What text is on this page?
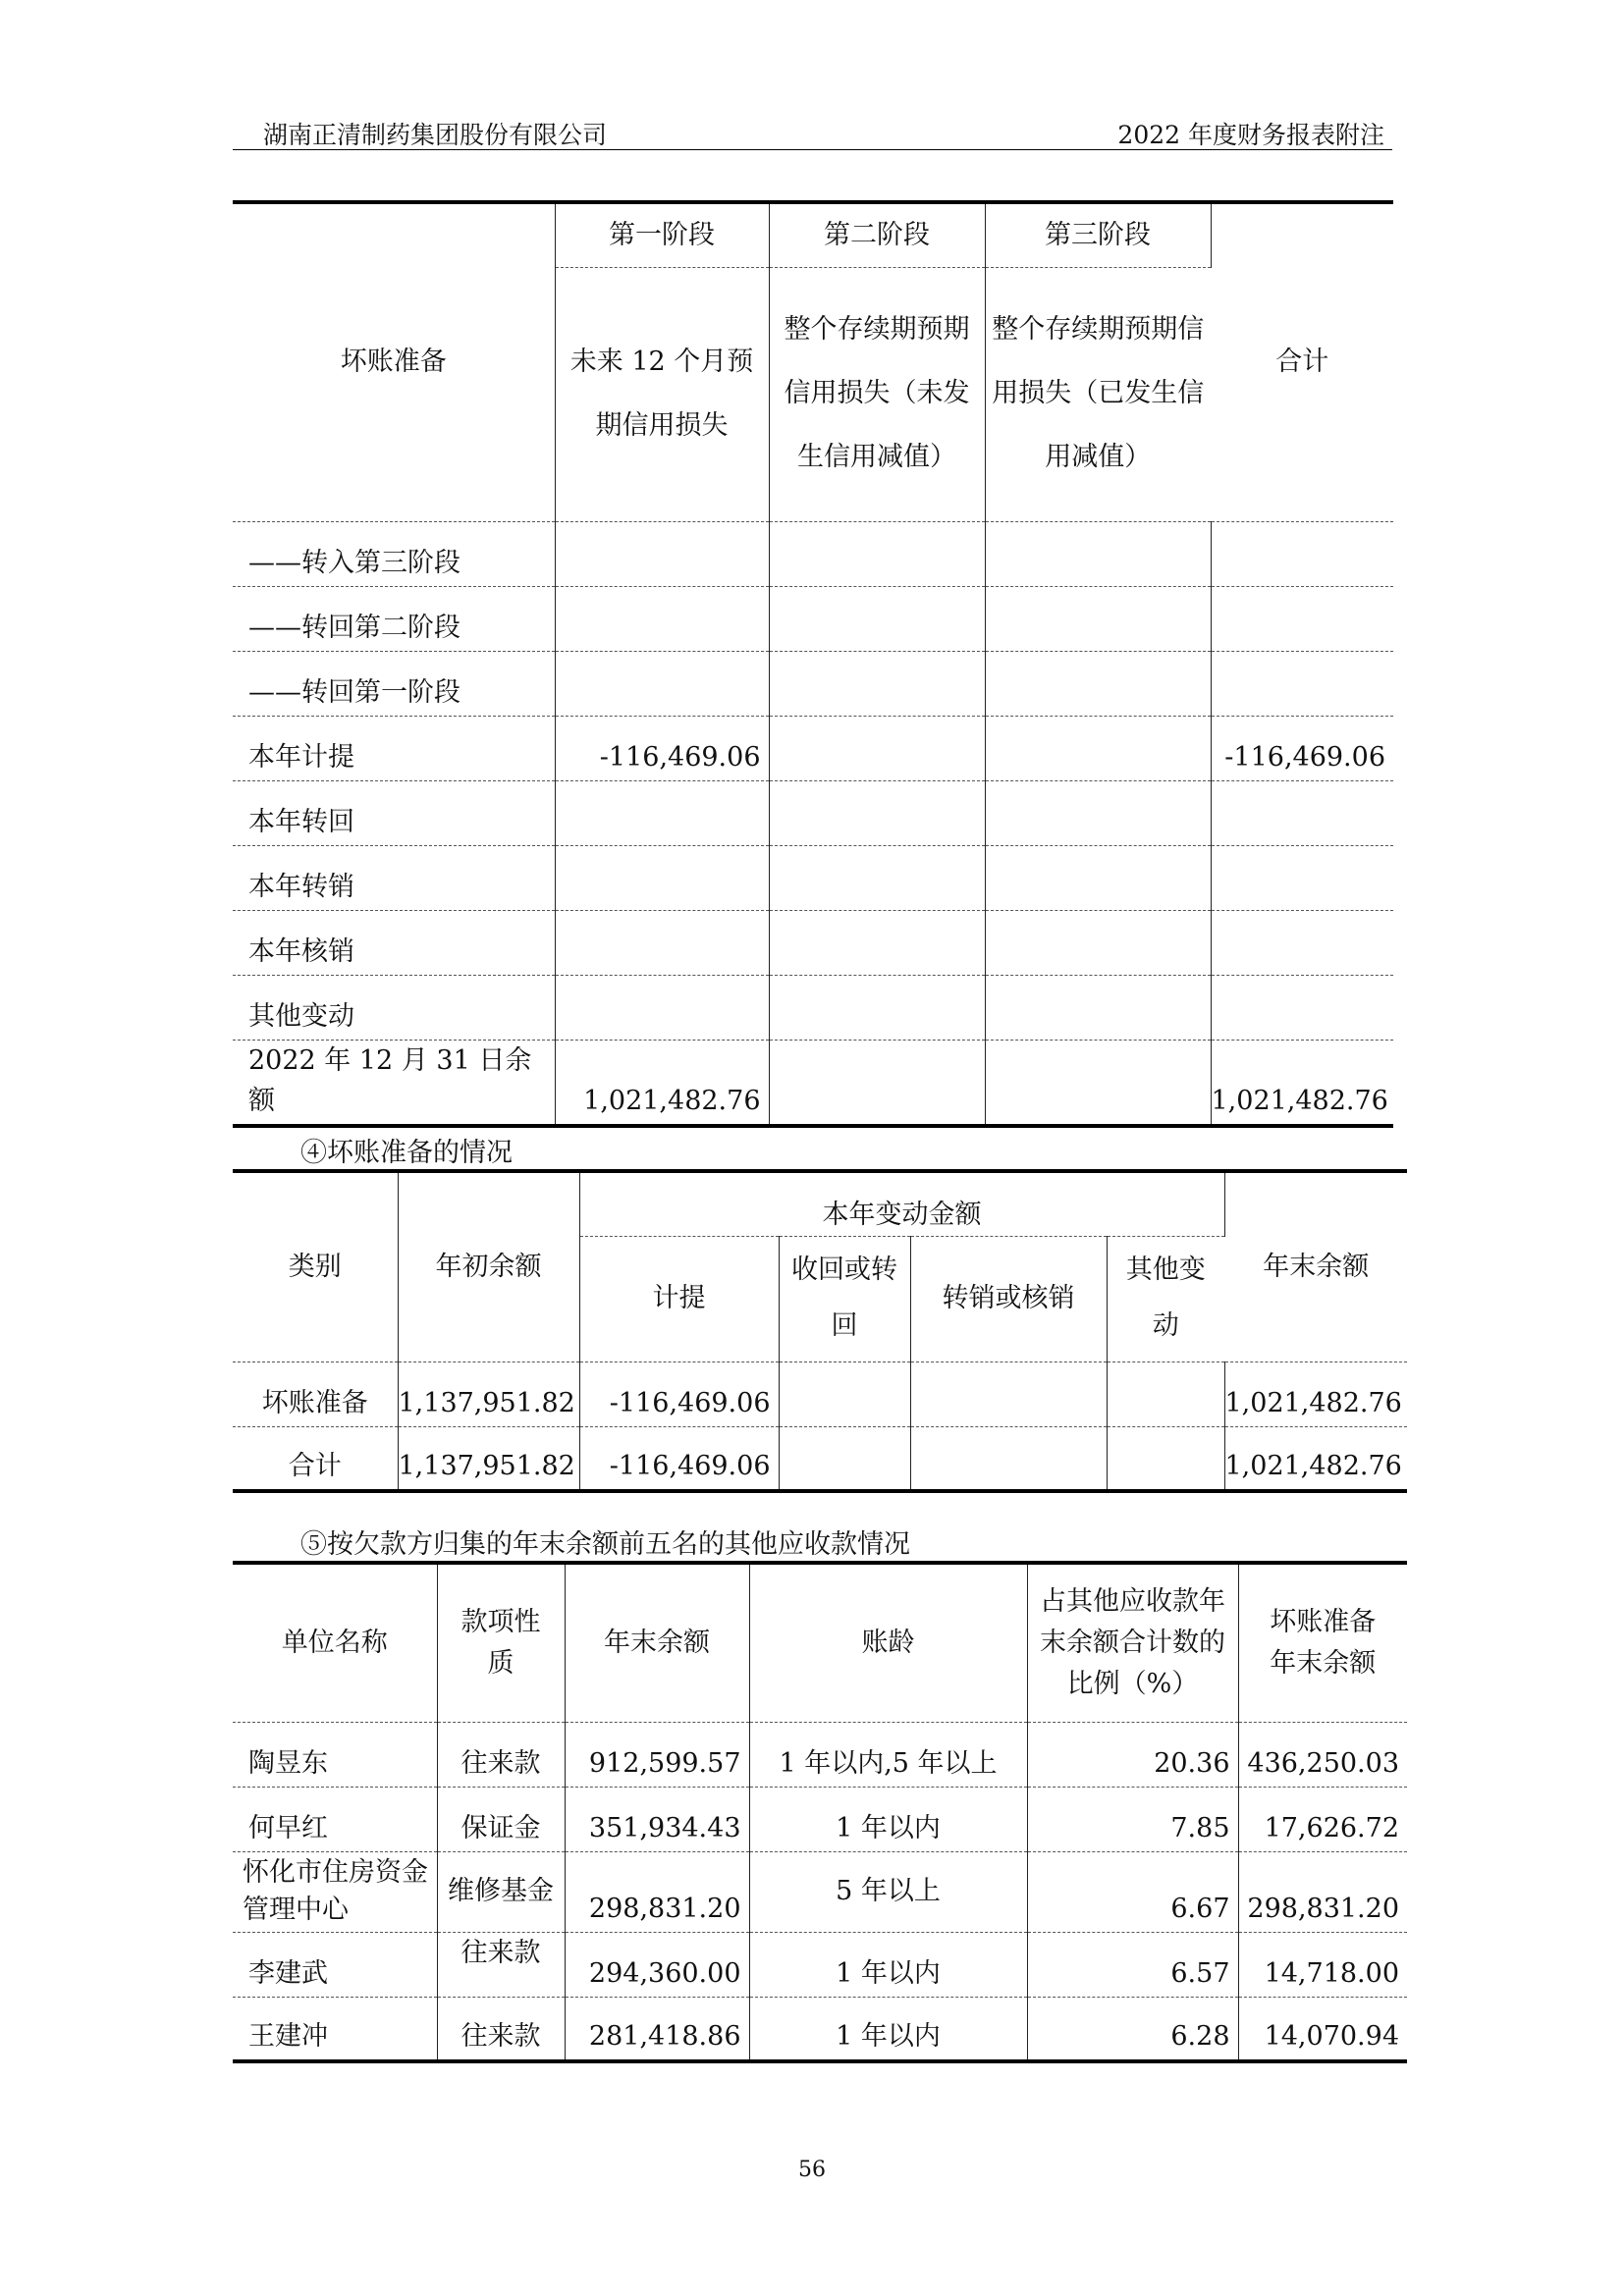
湖南正清制药集团股份有限公司	2022 年度财务报表附注
坏账准备	第一阶段	第二阶段	第三阶段	合计
	未来 12 个月预期信用损失	整个存续期预期信用损失（未发生信用减值）	整个存续期预期信用损失（已发生信用减值）	
——转入第三阶段				
——转回第二阶段				
——转回第一阶段				
本年计提	-116,469.06			-116,469.06
本年转回				
本年转销				
本年核销				
其他变动				
2022 年 12 月 31 日余额	1,021,482.76			1,021,482.76
④坏账准备的情况
类别	年初余额	本年变动金额				年末余额
		计提	收回或转回	转销或核销	其他变动	
坏账准备	1,137,951.82	-116,469.06				1,021,482.76
合计	1,137,951.82	-116,469.06				1,021,482.76
⑤按欠款方归集的年末余额前五名的其他应收款情况
单位名称	款项性质	年末余额	账龄	占其他应收款年末余额合计数的比例（%）	坏账准备年末余额
陶昱东	往来款	912,599.57	1 年以内,5 年以上	20.36	436,250.03
何早红	保证金	351,934.43	1 年以内	7.85	17,626.72
怀化市住房资金管理中心	维修基金	298,831.20	5 年以上	6.67	298,831.20
李建武	往来款	294,360.00	1 年以内	6.57	14,718.00
王建冲	往来款	281,418.86	1 年以内	6.28	14,070.94
56
